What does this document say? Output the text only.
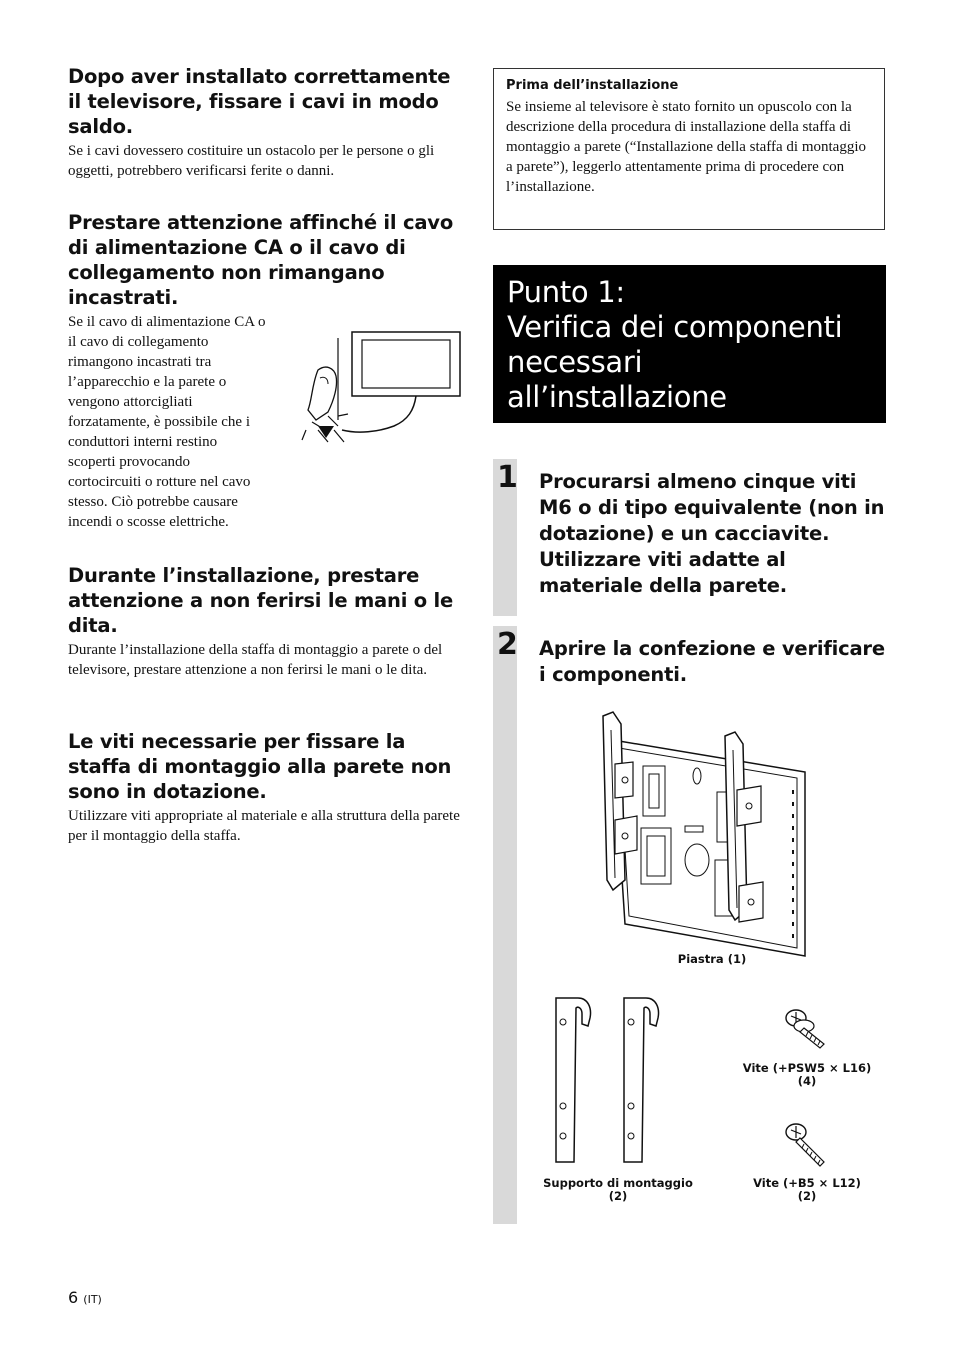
Dopo aver installato correttamente il televisore, fissare i cavi in modo saldo.

Se i cavi dovessero costituire un ostacolo per le persone o gli oggetti, potrebbero verificarsi ferite o danni.

Prestare attenzione affinché il cavo di alimentazione CA o il cavo di collegamento non rimangano incastrati.
Se il cavo di alimentazione CA o
il cavo di collegamento
rimangono incastrati tra
l’apparecchio e la parete o
vengono attorcigliati
forzatamente, è possibile che i
conduttori interni restino
scoperti provocando
cortocircuiti o rotture nel cavo
stesso. Ciò potrebbe causare
incendi o scosse elettriche.
Durante l’installazione, prestare attenzione a non ferirsi le mani o le dita.

Durante l’installazione della staffa di montaggio a parete o del televisore, prestare attenzione a non ferirsi le mani o le dita.

Le viti necessarie per fissare la staffa di montaggio alla parete non sono in dotazione.

Utilizzare viti appropriate al materiale e alla struttura della parete per il montaggio della staffa.

Prima dell’installazione

Se insieme al televisore è stato fornito un opuscolo con la descrizione della procedura di installazione della staffa di montaggio a parete (“Installazione della staffa di montaggio a parete”), leggerlo attentamente prima di procedere con l’installazione.

Punto 1:
Verifica dei componenti
necessari
all’installazione
1 Procurarsi almeno cinque viti M6 o di tipo equivalente (non in dotazione) e un cacciavite. Utilizzare viti adatte al materiale della parete.
2 Aprire la confezione e verificare i componenti.
Piastra (1)
Supporto di montaggio
(2)
Vite (+PSW5 × L16) (4)
Vite (+B5 × L12) (2)
6 (IT)
